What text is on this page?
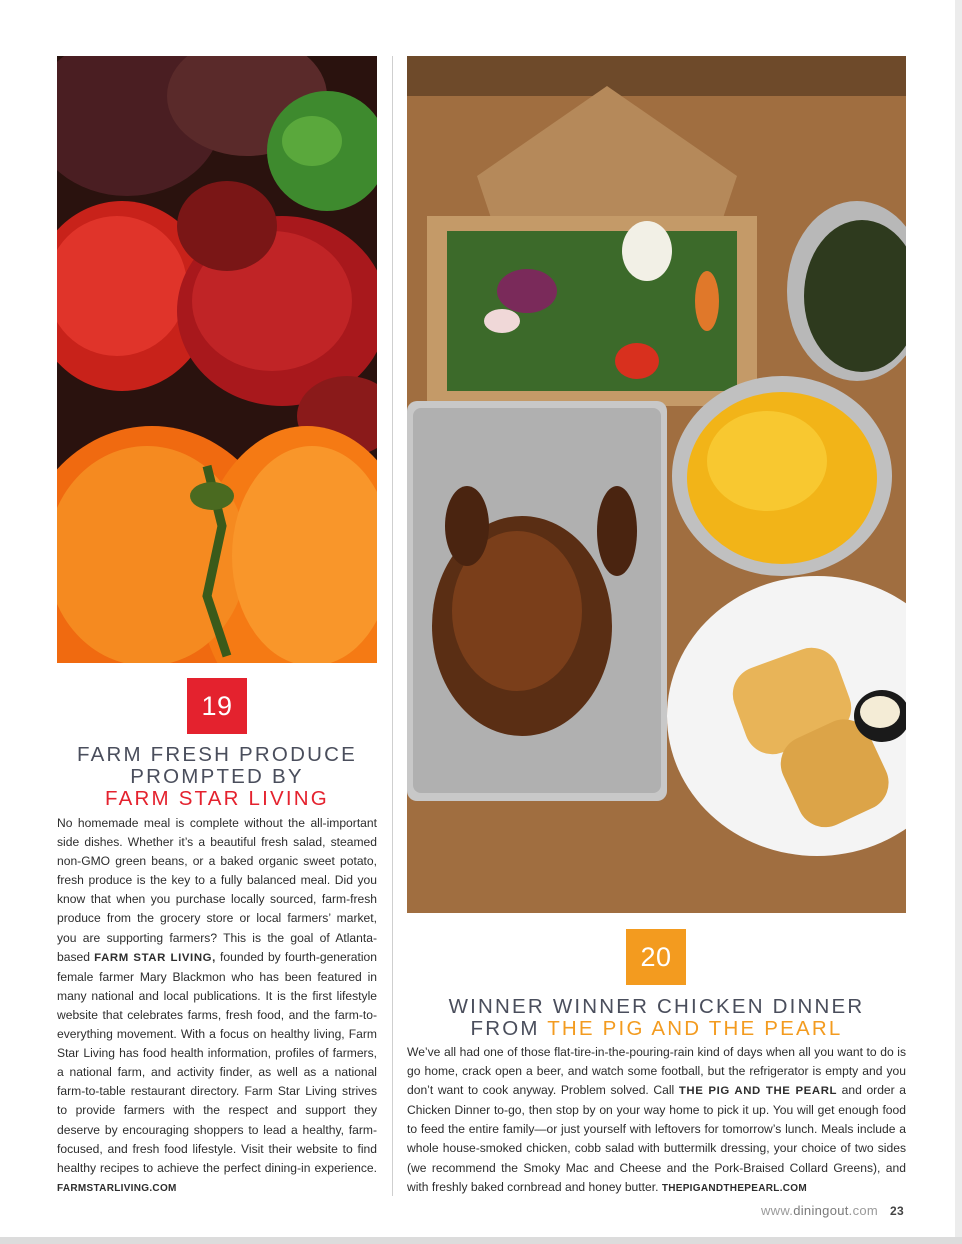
19
FARM FRESH PRODUCE
PROMPTED BY
FARM STAR LIVING
No homemade meal is complete without the all-important side dishes. Whether it’s a beautiful fresh salad, steamed non-GMO green beans, or a baked organic sweet potato, fresh produce is the key to a fully balanced meal. Did you know that when you purchase locally sourced, farm-fresh produce from the grocery store or local farmers’ market, you are supporting farmers? This is the goal of Atlanta-based FARM STAR LIVING, founded by fourth-generation female farmer Mary Blackmon who has been featured in many national and local publications. It is the first lifestyle website that celebrates farms, fresh food, and the farm-to-everything movement. With a focus on healthy living, Farm Star Living has food health information, profiles of farmers, a national farm, and activity finder, as well as a national farm-to-table restaurant directory. Farm Star Living strives to provide farmers with the respect and support they deserve by encouraging shoppers to lead a healthy, farm-focused, and fresh food lifestyle. Visit their website to find healthy recipes to achieve the perfect dining-in experience. FARMSTARLIVING.COM
20
WINNER WINNER CHICKEN DINNER
FROM THE PIG AND THE PEARL
We’ve all had one of those flat-tire-in-the-pouring-rain kind of days when all you want to do is go home, crack open a beer, and watch some football, but the refrigerator is empty and you don’t want to cook anyway. Problem solved. Call THE PIG AND THE PEARL and order a Chicken Dinner to-go, then stop by on your way home to pick it up. You will get enough food to feed the entire family—or just yourself with leftovers for tomorrow’s lunch. Meals include a whole house-smoked chicken, cobb salad with buttermilk dressing, your choice of two sides (we recommend the Smoky Mac and Cheese and the Pork-Braised Collard Greens), and with freshly baked cornbread and honey butter. THEPIGANDTHEPEARL.COM
www.diningout.com 23
